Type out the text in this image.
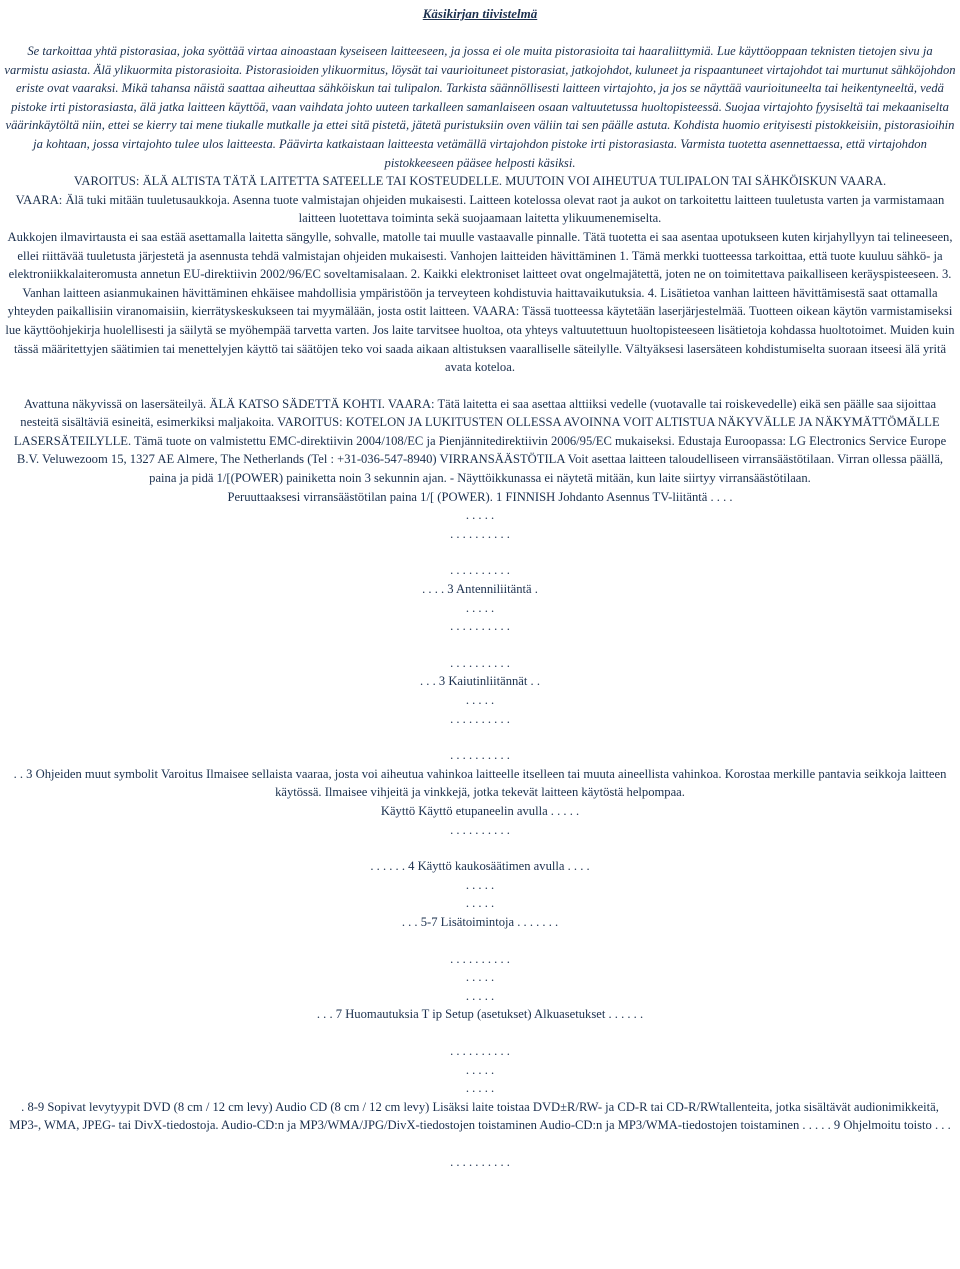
Käsikirjan tiivistelmä

Se tarkoittaa yhtä pistorasiaa, joka syöttää virtaa ainoastaan kyseiseen laitteeseen, ja jossa ei ole muita pistorasioita tai haaraliittymiä. Lue käyttöoppaan teknisten tietojen sivu ja varmistu asiasta. Älä ylikuormita pistorasioita. Pistorasioiden ylikuormitus, löysät tai vaurioituneet pistorasiat, jatkojohdot, kuluneet ja rispaantuneet virtajohdot tai murtunut sähköjohdon eriste ovat vaaraksi. Mikä tahansa näistä saattaa aiheuttaa sähköiskun tai tulipalon. Tarkista säännöllisesti laitteen virtajohto, ja jos se näyttää vaurioituneelta tai heikentyneeltä, vedä pistoke irti pistorasiasta, älä jatka laitteen käyttöä, vaan vaihdata johto uuteen tarkalleen samanlaiseen osaan valtuutetussa huoltopisteessä. Suojaa virtajohto fyysiseltä tai mekaaniselta väärinkäytöltä niin, ettei se kierry tai mene tiukalle mutkalle ja ettei sitä pistetä, jätetä puristuksiin oven väliin tai sen päälle astuta. Kohdista huomio erityisesti pistokkeisiin, pistorasioihin ja kohtaan, jossa virtajohto tulee ulos laitteesta. Päävirta katkaistaan laitteesta vetämällä virtajohdon pistoke irti pistorasiasta. Varmista tuotetta asennettaessa, että virtajohdon pistokkeeseen pääsee helposti käsiksi.

VAROITUS: ÄLÄ ALTISTA TÄTÄ LAITETTA SATEELLE TAI KOSTEUDELLE. MUUTOIN VOI AIHEUTUA TULIPALON TAI SÄHKÖISKUN VAARA.

VAARA: Älä tuki mitään tuuletusaukkoja. Asenna tuote valmistajan ohjeiden mukaisesti. Laitteen kotelossa olevat raot ja aukot on tarkoitettu laitteen tuuletusta varten ja varmistamaan laitteen luotettava toiminta sekä suojaamaan laitetta ylikuumenemiselta.

Aukkojen ilmavirtausta ei saa estää asettamalla laitetta sängylle, sohvalle, matolle tai muulle vastaavalle pinnalle. Tätä tuotetta ei saa asentaa upotukseen kuten kirjahyllyyn tai telineeseen, ellei riittävää tuuletusta järjestetä ja asennusta tehdä valmistajan ohjeiden mukaisesti. Vanhojen laitteiden hävittäminen 1. Tämä merkki tuotteessa tarkoittaa, että tuote kuuluu sähkö- ja elektroniikkalaiteromusta annetun EU-direktiivin 2002/96/EC soveltamisalaan. 2. Kaikki elektroniset laitteet ovat ongelmajätettä, joten ne on toimitettava paikalliseen keräyspisteeseen. 3. Vanhan laitteen asianmukainen hävittäminen ehkäisee mahdollisia ympäristöön ja terveyteen kohdistuvia haittavaikutuksia. 4. Lisätietoa vanhan laitteen hävittämisestä saat ottamalla yhteyden paikallisiin viranomaisiin, kierrätyskeskukseen tai myymälään, josta ostit laitteen. VAARA: Tässä tuotteessa käytetään laserjärjestelmää. Tuotteen oikean käytön varmistamiseksi lue käyttöohjekirja huolellisesti ja säilytä se myöhempää tarvetta varten. Jos laite tarvitsee huoltoa, ota yhteys valtuutettuun huoltopisteeseen lisätietoja kohdassa huoltotoimet. Muiden kuin tässä määritettyjen säätimien tai menettelyjen käyttö tai säätöjen teko voi saada aikaan altistuksen vaaralliselle säteilylle. Vältyäksesi lasersäteen kohdistumiselta suoraan itseesi älä yritä avata koteloa.

Avattuna näkyvissä on lasersäteilyä. ÄLÄ KATSO SÄDETTÄ KOHTI. VAARA: Tätä laitetta ei saa asettaa alttiiksi vedelle (vuotavalle tai roiskevedelle) eikä sen päälle saa sijoittaa nesteitä sisältäviä esineitä, esimerkiksi maljakoita. VAROITUS: KOTELON JA LUKITUSTEN OLLESSA AVOINNA VOIT ALTISTUA NÄKYVÄLLE JA NÄKYMÄTTÖMÄLLE LASERSÄTEILYLLE. Tämä tuote on valmistettu EMC-direktiivin 2004/108/EC ja Pienjännitedirektiivin 2006/95/EC mukaiseksi. Edustaja Euroopassa: LG Electronics Service Europe B.V. Veluwezoom 15, 1327 AE Almere, The Netherlands (Tel : +31-036-547-8940) VIRRANSÄÄSTÖTILA Voit asettaa laitteen taloudelliseen virransäästötilaan. Virran ollessa päällä, paina ja pidä 1/[(POWER) painiketta noin 3 sekunnin ajan. - Näyttöikkunassa ei näytetä mitään, kun laite siirtyy virransäästötilaan.

Peruuttaaksesi virransäästötilan paina 1/[ (POWER). 1 FINNISH Johdanto Asennus TV-liitäntä . . . .

. . . . .

. . . . . . . . . .

. . . . . . . . . .

. . . . 3 Antenniliitäntä .

. . . . .

. . . . . . . . . .

. . . . . . . . . .

. . . 3 Kaiutinliitännät . .

. . . . .

. . . . . . . . . .

. . . . . . . . . .

. . 3 Ohjeiden muut symbolit Varoitus Ilmaisee sellaista vaaraa, josta voi aiheutua vahinkoa laitteelle itselleen tai muuta aineellista vahinkoa. Korostaa merkille pantavia seikkoja laitteen käytössä. Ilmaisee vihjeitä ja vinkkejä, jotka tekevät laitteen käytöstä helpompaa.

Käyttö Käyttö etupaneelin avulla . . . . .

. . . . . . . . . .

. . . . . . 4 Käyttö kaukosäätimen avulla . . . .

. . . . .

. . . . .

. . . 5-7 Lisätoimintoja . . . . . . .

. . . . . . . . . .

. . . . .

. . . . .

. . . 7 Huomautuksia T ip Setup (asetukset) Alkuasetukset . . . . . .

. . . . . . . . . .

. . . . .

. . . . .

. 8-9 Sopivat levytyypit DVD (8 cm / 12 cm levy) Audio CD (8 cm / 12 cm levy) Lisäksi laite toistaa DVD±R/RW- ja CD-R tai CD-R/RWtallenteita, jotka sisältävät audionimikkeitä, MP3-, WMA, JPEG- tai DivX-tiedostoja. Audio-CD:n ja MP3/WMA/JPG/DivX-tiedostojen toistaminen Audio-CD:n ja MP3/WMA-tiedostojen toistaminen . . . . . 9 Ohjelmoitu toisto . . .

. . . . . . . . . .
